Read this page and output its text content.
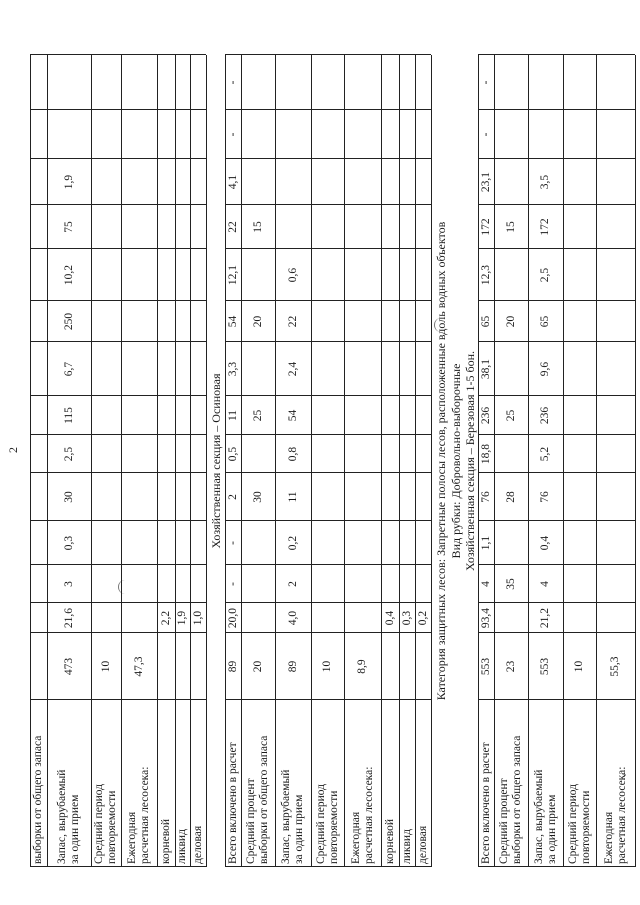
2
выборки от общего запаса Запас, вырубаемый
за один прием Средний период
повторяемости Ежегодная
расчетная лесосека: корневой ликвид деловая
473
21,6
3
0,3
30
2,5
115
6,7
250
10,2
75
1,9
10 47,3
2,2 1,9 1,0
Хозяйственная секция – Осиновая
Всего включено в расчет Средний процент
выборки от общего запаса Запас, вырубаемый
за один прием Средний период
повторяемости Ежегодная
расчетная лесосека: корневой ликвид деловая
89
20,0
-
-
2
0,5
11
3,3
54
12,1
22
4,1
-
-
20
30
25
20
15
89
4,0
2
0,2
11
0,8
54
2,4
22
0,6
10 8,9
0,4 0,3 0,2 Категория защитных лесов: Запретные полосы лесов, расположенные вдоль водных объектов Вид рубки: Добровольно-выборочные Хозяйственная секция – Березовая 1-5 бон.
Всего включено в расчет Средний процент
выборки от общего запаса Запас, вырубаемый
за один прием Средний период
повторяемости Ежегодная
расчетная лесосека:
553
93,4
4
1,1
76
18,8
236
38,1
65
12,3
172
23,1
-
-
23
35
28
25
20
15
553
21,2
4
0,4
76
5,2
236
9,6
65
2,5
172
3,5
10 55,3
